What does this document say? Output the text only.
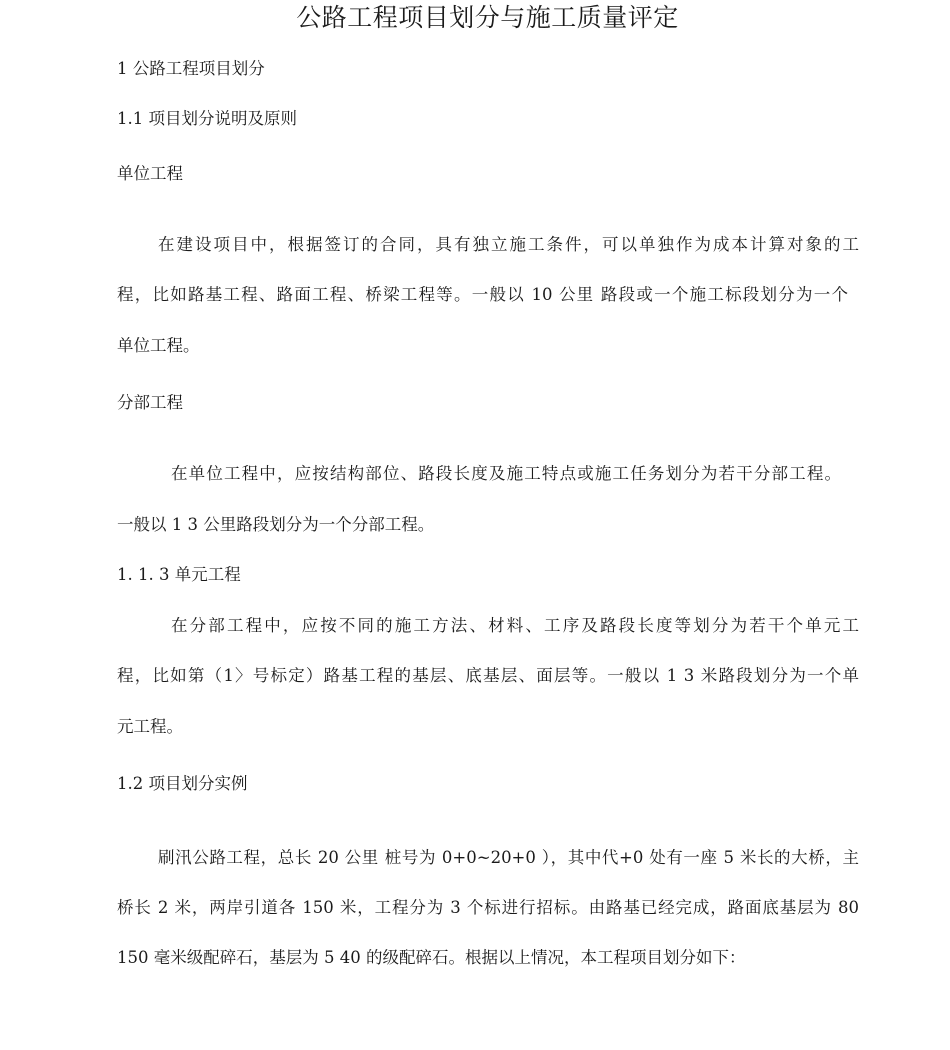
公路工程项目划分与施工质量评定
1 公路工程项目划分
1.1 项目划分说明及原则
单位工程
在建设项目中，根据签订的合同，具有独立施工条件，可以单独作为成本计算对象的工
程，比如路基工程、路面工程、桥梁工程等。一般以 10 公里 路段或一个施工标段划分为一个
单位工程。
分部工程
在单位工程中，应按结构部位、路段长度及施工特点或施工任务划分为若干分部工程。
一般以 1 3 公里路段划分为一个分部工程。
1. 1. 3 单元工程
在分部工程中，应按不同的施工方法、材料、工序及路段长度等划分为若干个单元工
程，比如第（1〉号标定）路基工程的基层、底基层、面层等。一般以 1 3 米路段划分为一个单
元工程。
1.2 项目划分实例
刷汛公路工程，总长 20 公里 桩号为 0+0~20+0 ），其中代+0 处有一座 5 米长的大桥，主
桥长 2 米，两岸引道各 150 米，工程分为 3 个标进行招标。由路基已经完成，路面底基层为 80
150 毫米级配碎石，基层为 5 40 的级配碎石。根据以上情况，本工程项目划分如下：
